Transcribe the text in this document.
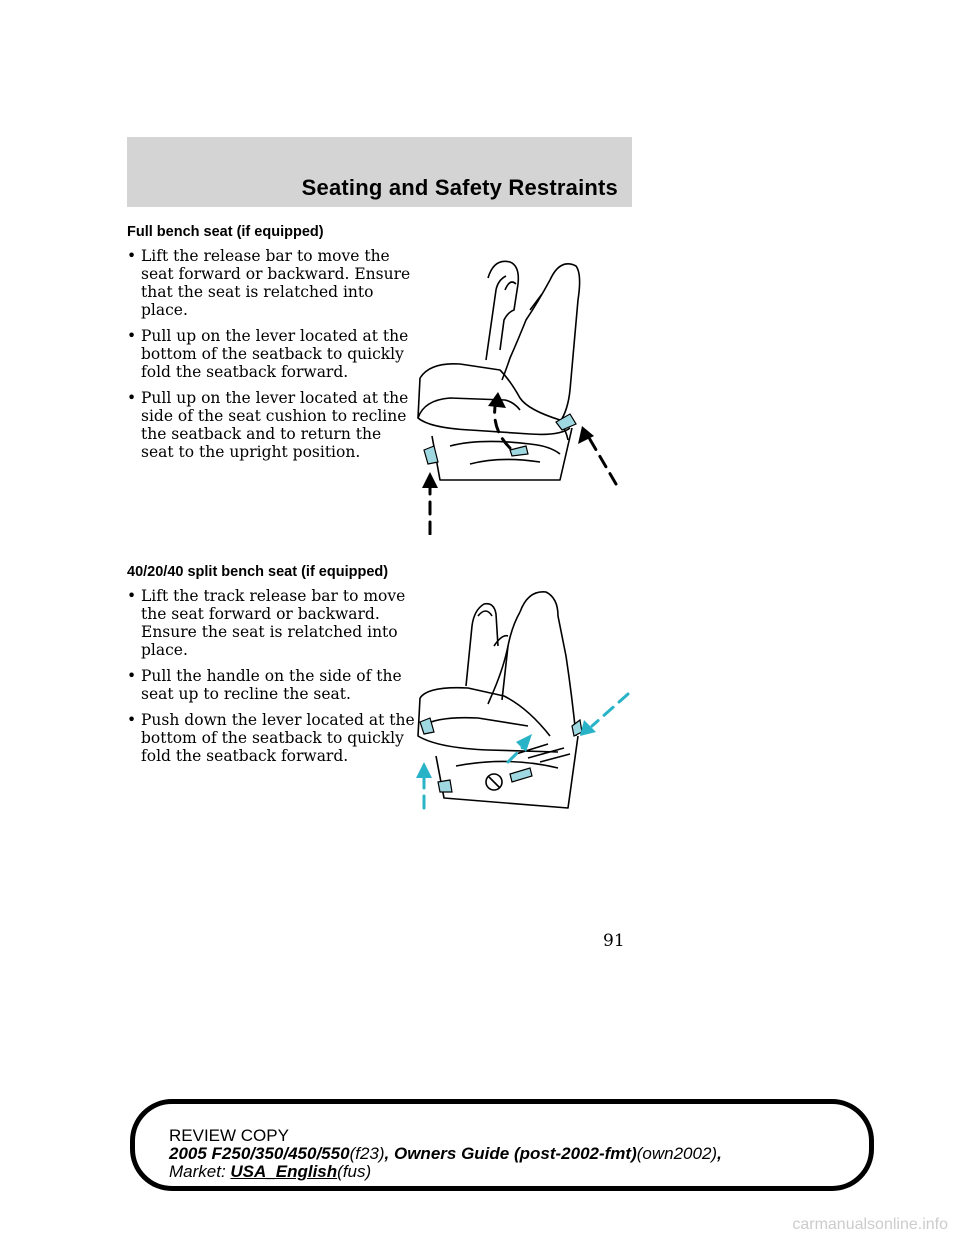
Seating and Safety Restraints
Full bench seat (if equipped)
• Lift the release bar to move the seat forward or backward. Ensure that the seat is relatched into place.
• Pull up on the lever located at the bottom of the seatback to quickly fold the seatback forward.
• Pull up on the lever located at the side of the seat cushion to recline the seatback and to return the seat to the upright position.
40/20/40 split bench seat (if equipped)
• Lift the track release bar to move the seat forward or backward. Ensure the seat is relatched into place.
• Pull the handle on the side of the seat up to recline the seat.
• Push down the lever located at the bottom of the seatback to quickly fold the seatback forward.
91
REVIEW COPY
2005 F250/350/450/550(f23), Owners Guide (post-2002-fmt)(own2002),
Market: USA_English(fus)
carmanualsonline.info
